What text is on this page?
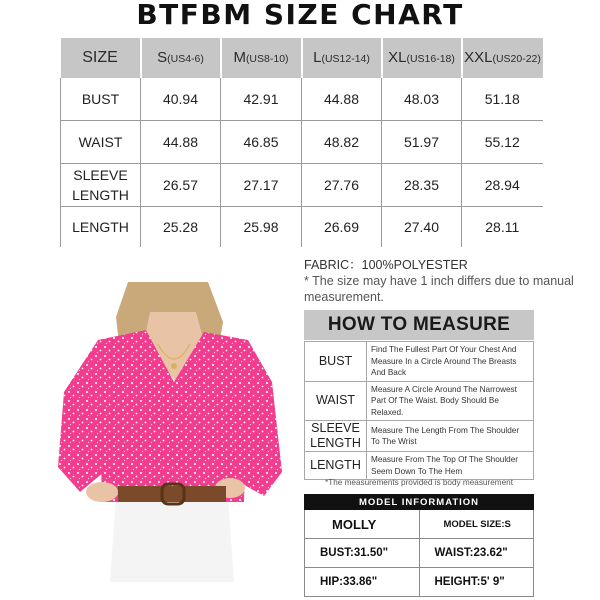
BTFBM SIZE CHART
SIZE	S(US4-6)	M(US8-10)	L(US12-14)	XL(US16-18)	XXL(US20-22)
BUST	40.94	42.91	44.88	48.03	51.18
WAIST	44.88	46.85	48.82	51.97	55.12
SLEEVE
LENGTH	26.57	27.17	27.76	28.35	28.94
LENGTH	25.28	25.98	26.69	27.40	28.11
FABRIC：100%POLYESTER
* The size may have 1 inch differs due to manual measurement.
HOW TO MEASURE
BUST	Find The Fullest Part Of Your Chest And Measure In a Circle Around The Breasts And Back
WAIST	Measure A Circle Around The Narrowest Part Of The Waist. Body Should Be Relaxed.
SLEEVE
LENGTH	Measure The Length From The Shoulder To The Wrist
LENGTH	Measure From The Top Of The Shoulder Seem Down To The Hem
*The measurements provided is body measurement
MODEL INFORMATION	
MOLLY	MODEL SIZE:S
BUST:31.50"	WAIST:23.62"
HIP:33.86"	HEIGHT:5' 9"
